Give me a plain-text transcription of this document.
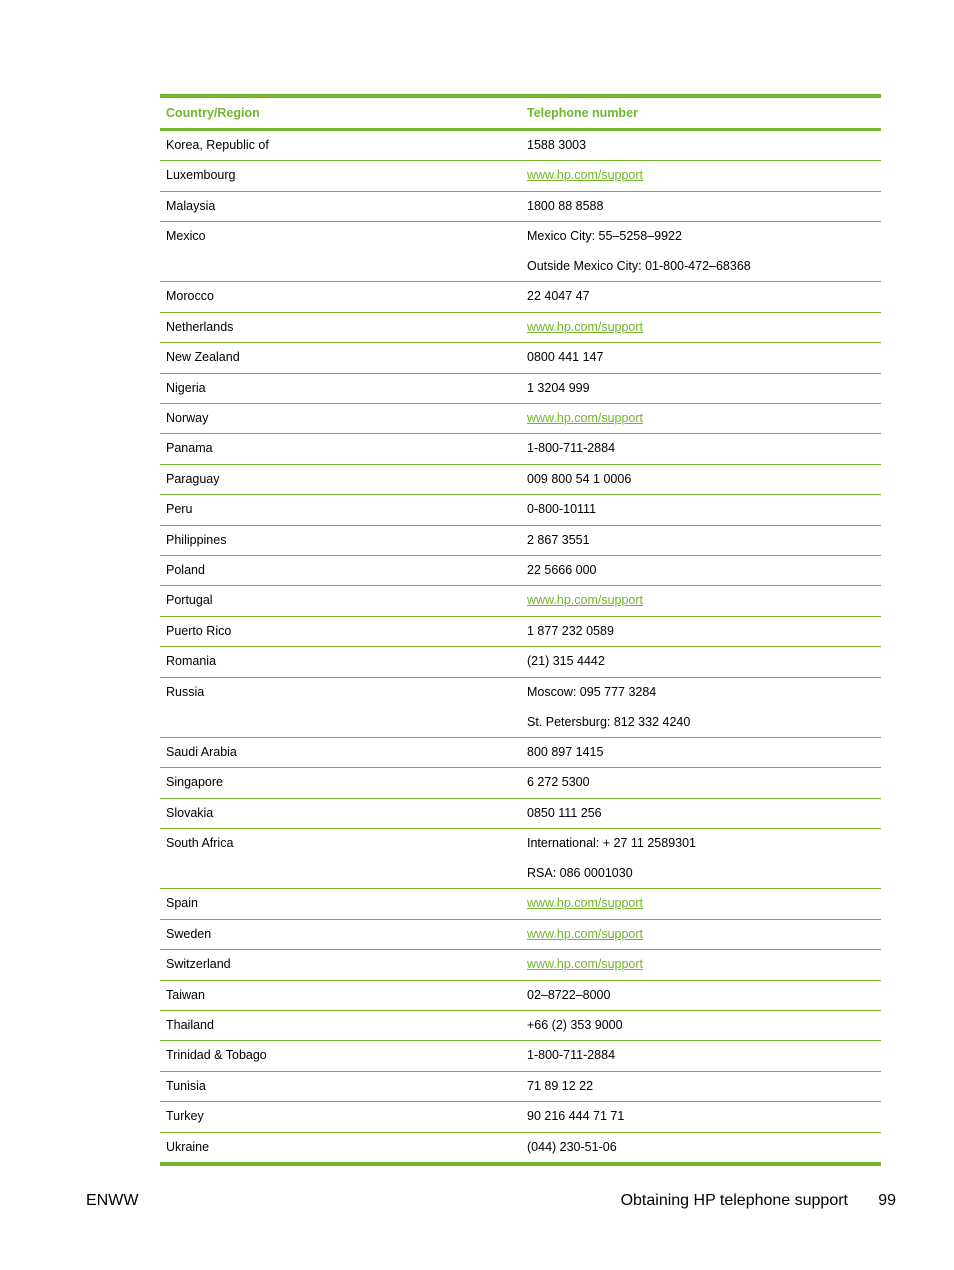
Country/Region	Telephone number
Korea, Republic of	1588 3003
Luxembourg	www.hp.com/support
Malaysia	1800 88 8588
Mexico	Mexico City: 55–5258–9922
Outside Mexico City: 01-800-472–68368
Morocco	22 4047 47
Netherlands	www.hp.com/support
New Zealand	0800 441 147
Nigeria	1 3204 999
Norway	www.hp.com/support
Panama	1-800-711-2884
Paraguay	009 800 54 1 0006
Peru	0-800-10111
Philippines	2 867 3551
Poland	22 5666 000
Portugal	www.hp.com/support
Puerto Rico	1 877 232 0589
Romania	(21) 315 4442
Russia	Moscow: 095 777 3284
St. Petersburg: 812 332 4240
Saudi Arabia	800 897 1415
Singapore	6 272 5300
Slovakia	0850 111 256
South Africa	International: + 27 11 2589301
RSA: 086 0001030
Spain	www.hp.com/support
Sweden	www.hp.com/support
Switzerland	www.hp.com/support
Taiwan	02–8722–8000
Thailand	+66 (2) 353 9000
Trinidad & Tobago	1-800-711-2884
Tunisia	71 89 12 22
Turkey	90 216 444 71 71
Ukraine	(044) 230-51-06
ENWW	Obtaining HP telephone support 99
